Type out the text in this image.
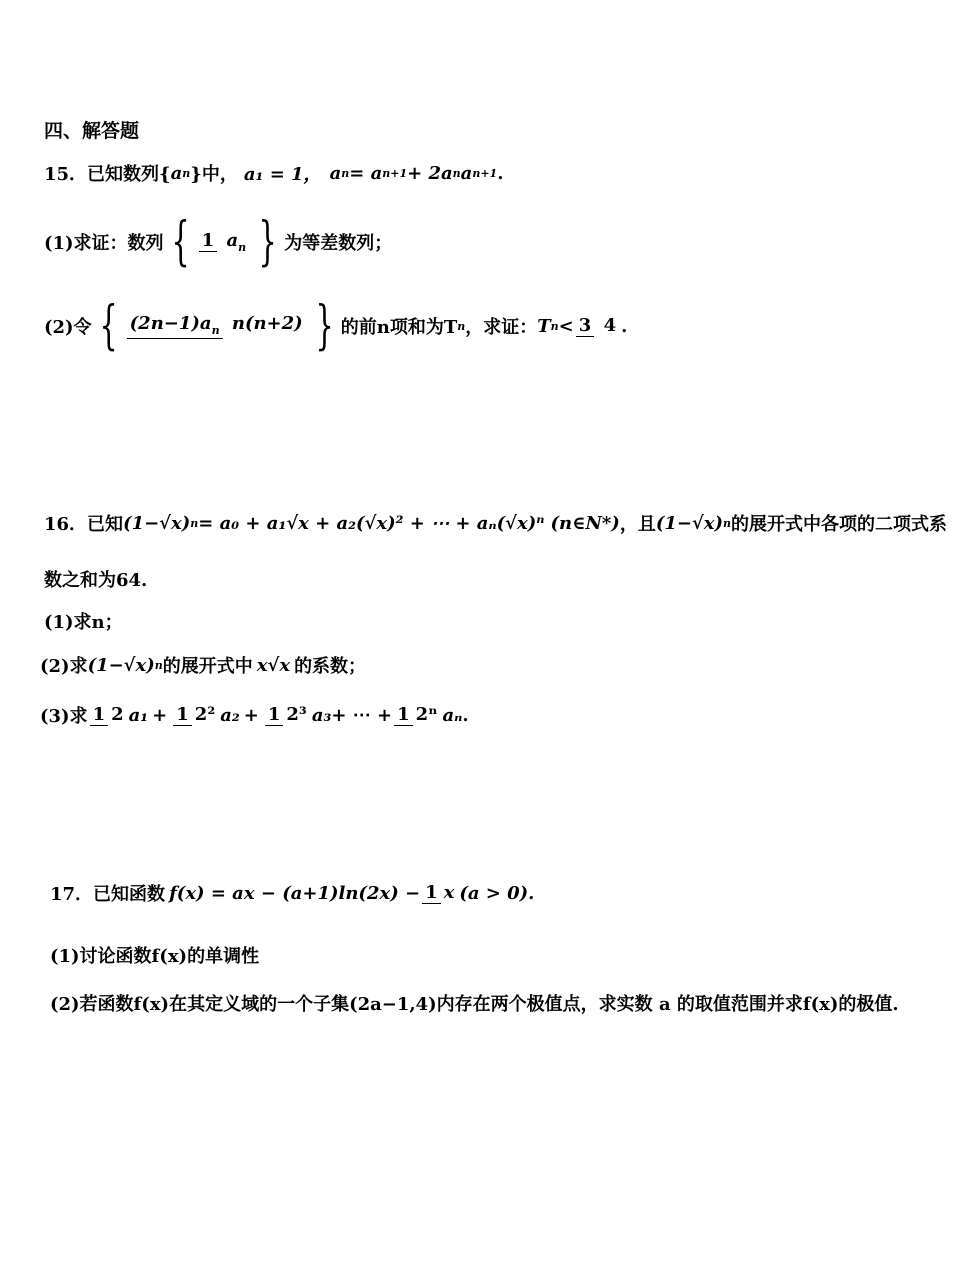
四、解答题
15．已知数列{ a n }中， a₁ = 1， a n = a n+1 + 2a n a n+1 .
(1)求证：数列 { 1 an } 为等差数列；
(2)令 { (2n−1)an n(n+2) } 的前n项和为T n ，求证： T n < 3 4 .
16．已知 (1−√x) n = a₀ + a₁√x + a₂(√x)² + ⋯ + aₙ(√x)ⁿ (n∈N*) ，且 (1−√x) n 的展开式中各项的二项式系
数之和为64.
(1)求n；
(2)求 (1−√x) n 的展开式中 x√x 的系数；
(3)求 1 2 a₁ + 1 2² a₂ + 1 2³ a₃ + ⋯ + 1 2ⁿ aₙ .
17．已知函数 f(x) = ax − (a+1)ln(2x) − 1 x (a > 0).
(1)讨论函数f(x)的单调性
(2)若函数f(x)在其定义域的一个子集(2a−1,4)内存在两个极值点，求实数 a 的取值范围并求f(x)的极值.
